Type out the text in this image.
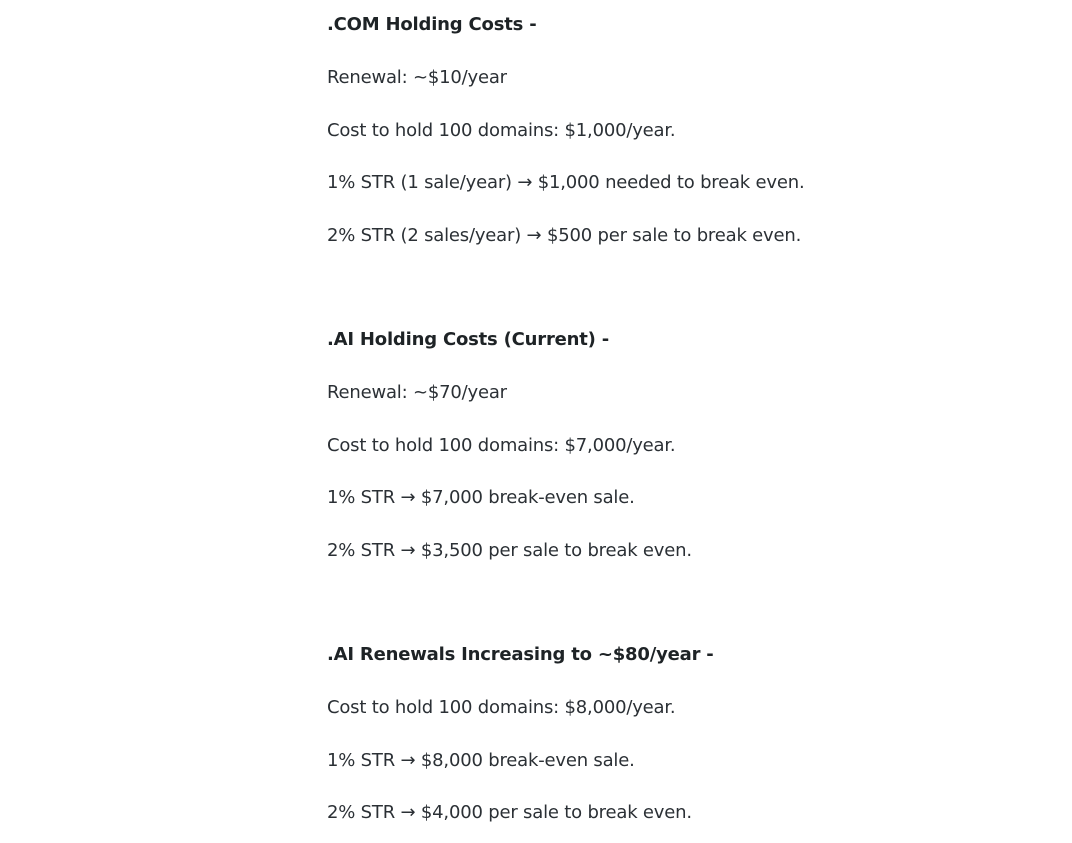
.COM Holding Costs -
Renewal: ~$10/year
Cost to hold 100 domains: $1,000/year.
1% STR (1 sale/year) → $1,000 needed to break even.
2% STR (2 sales/year) → $500 per sale to break even.
.AI Holding Costs (Current) -
Renewal: ~$70/year
Cost to hold 100 domains: $7,000/year.
1% STR → $7,000 break-even sale.
2% STR → $3,500 per sale to break even.
.AI Renewals Increasing to ~$80/year -
Cost to hold 100 domains: $8,000/year.
1% STR → $8,000 break-even sale.
2% STR → $4,000 per sale to break even.
